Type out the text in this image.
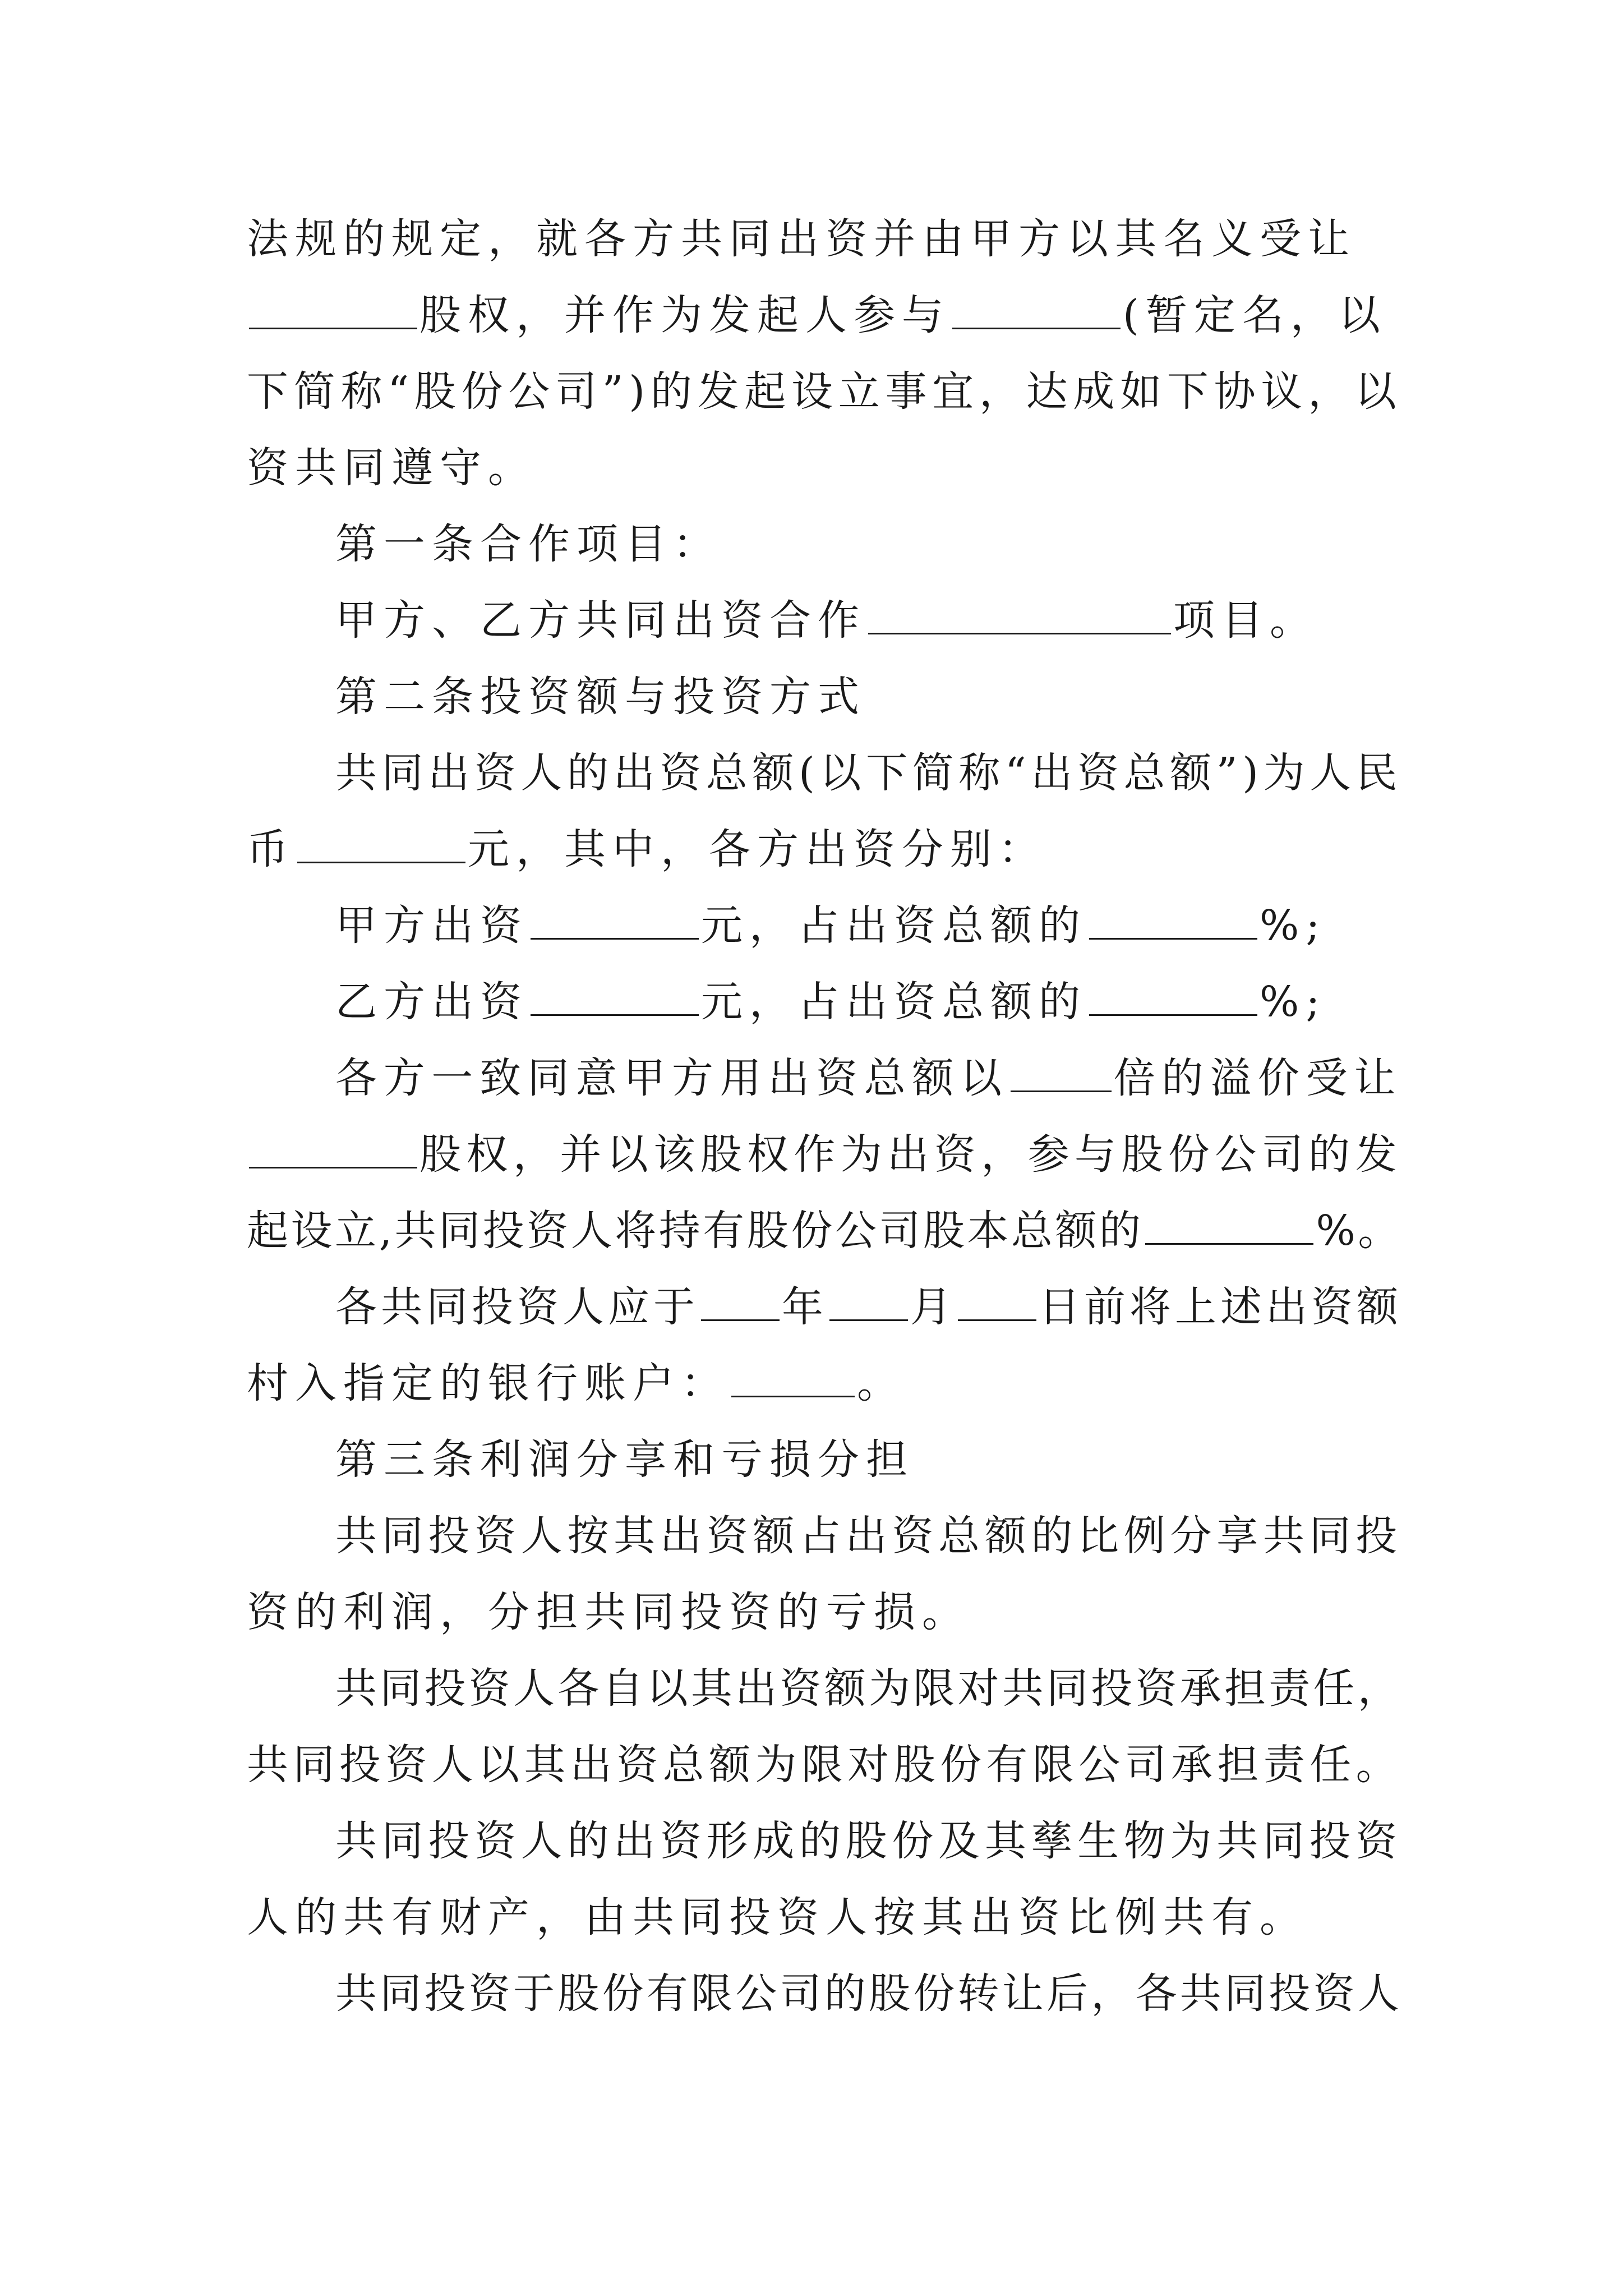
法规的规定，就各方共同出资并由甲方以其名义受让
股权，并作为发起人参与	(暂定名，以
下简称“股份公司”)的发起设立事宜，达成如下协议，以
资共同遵守。
第一条合作项目：
甲方、乙方共同出资合作	项目。
第二条投资额与投资方式
共同出资人的出资总额(以下简称“出资总额”)为人民
币	元，其中，各方出资分别：
甲方出资	元，占出资总额的	%;
乙方出资	元，占出资总额的	%;
各方一致同意甲方用出资总额以	倍的溢价受让
股权，并以该股权作为出资，参与股份公司的发
起设立,共同投资人将持有股份公司股本总额的	%。
各共同投资人应于 年 月 日前将上述出资额
村入指定的银行账户：	。
第三条利润分享和亏损分担
共同投资人按其出资额占出资总额的比例分享共同投
资的利润，分担共同投资的亏损。
共同投资人各自以其出资额为限对共同投资承担责任，
共同投资人以其出资总额为限对股份有限公司承担责任。
共同投资人的出资形成的股份及其孳生物为共同投资
人的共有财产，由共同投资人按其出资比例共有。
共同投资于股份有限公司的股份转让后，各共同投资人
